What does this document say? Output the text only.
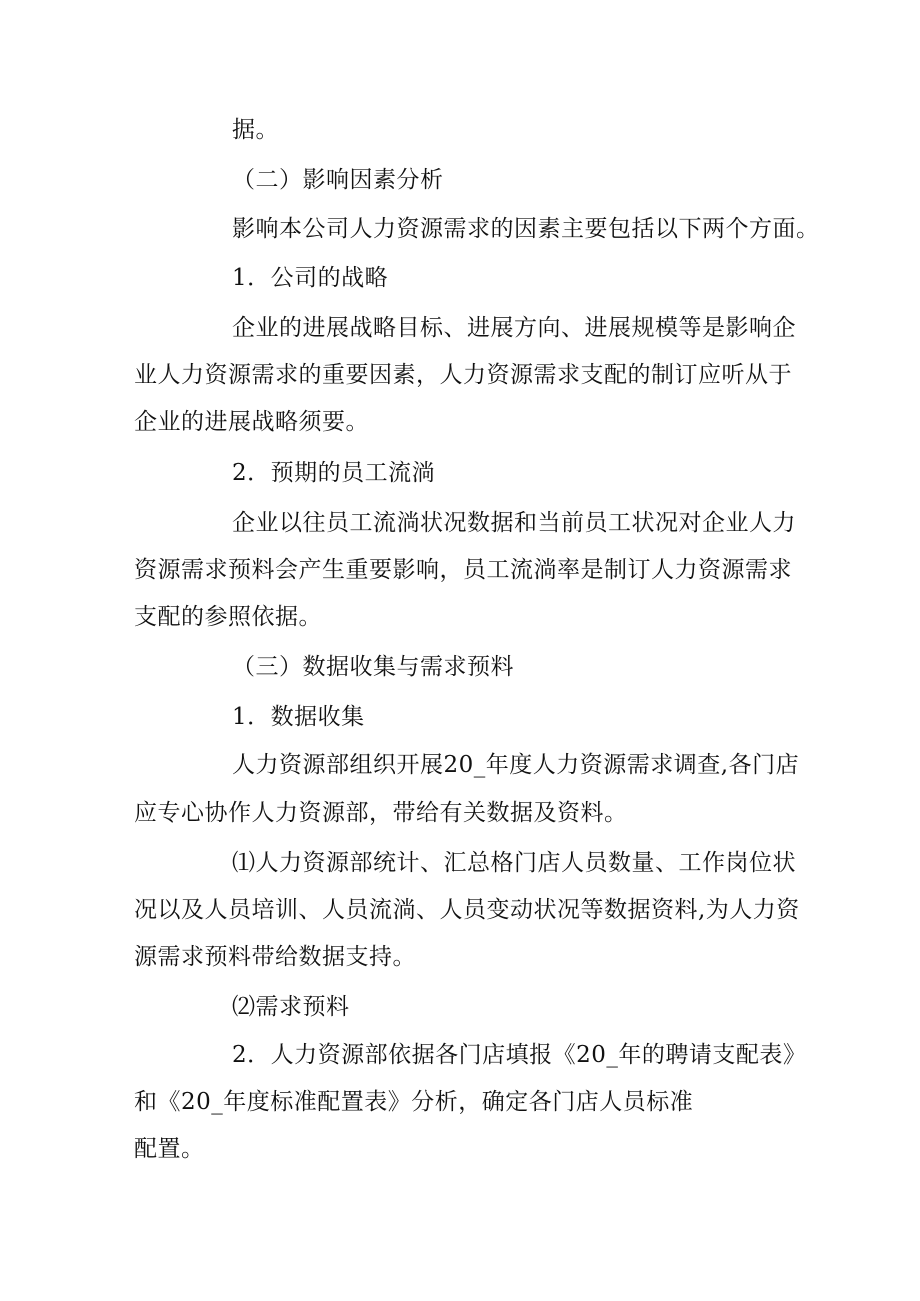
据。
（二）影响因素分析
影响本公司人力资源需求的因素主要包括以下两个方面。
1．公司的战略
企业的进展战略目标、进展方向、进展规模等是影响企
业人力资源需求的重要因素，人力资源需求支配的制订应听从于
企业的进展战略须要。
2．预期的员工流淌
企业以往员工流淌状况数据和当前员工状况对企业人力
资源需求预料会产生重要影响，员工流淌率是制订人力资源需求
支配的参照依据。
（三）数据收集与需求预料
1．数据收集
人力资源部组织开展20_年度人力资源需求调查,各门店
应专心协作人力资源部，带给有关数据及资料。
⑴人力资源部统计、汇总格门店人员数量、工作岗位状
况以及人员培训、人员流淌、人员变动状况等数据资料,为人力资
源需求预料带给数据支持。
⑵需求预料
2．人力资源部依据各门店填报《20_年的聘请支配表》
和《20_年度标准配置表》分析，确定各门店人员标准
配置。
